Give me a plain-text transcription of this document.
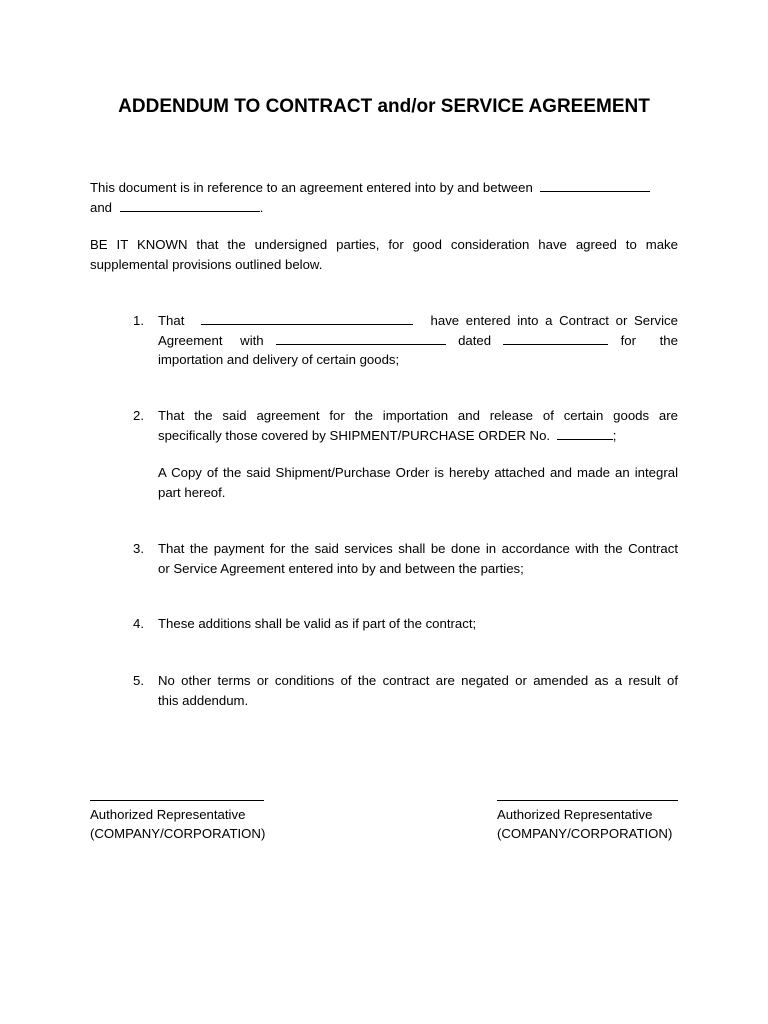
ADDENDUM TO CONTRACT and/or SERVICE AGREEMENT
This document is in reference to an agreement entered into by and between
and	.
BE IT KNOWN that the undersigned parties, for good consideration have agreed to make
supplemental provisions outlined below.
1.	That	have entered into a Contract or Service
Agreement with	dated	for the
importation and delivery of certain goods;
2.	That the said agreement for the importation and release of certain goods are
specifically those covered by SHIPMENT/PURCHASE ORDER No.	;
A Copy of the said Shipment/Purchase Order is hereby attached and made an integral
part hereof.
3.	That the payment for the said services shall be done in accordance with the Contract
or Service Agreement entered into by and between the parties;
4.	These additions shall be valid as if part of the contract;
5.	No other terms or conditions of the contract are negated or amended as a result of
this addendum.
Authorized Representative
(COMPANY/CORPORATION)
Authorized Representative
(COMPANY/CORPORATION)
